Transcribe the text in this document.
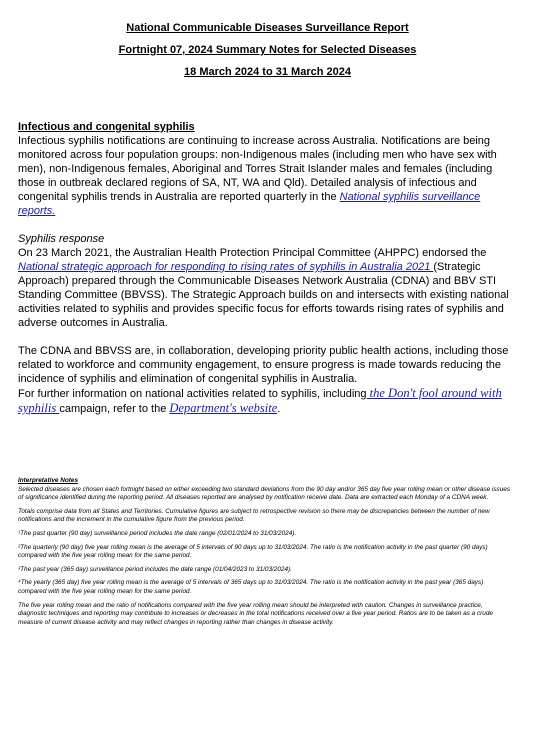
National Communicable Diseases Surveillance Report
Fortnight 07, 2024 Summary Notes for Selected Diseases
18 March 2024 to 31 March 2024
Infectious and congenital syphilis

Infectious syphilis notifications are continuing to increase across Australia. Notifications are being monitored across four population groups: non-Indigenous males (including men who have sex with men), non-Indigenous females, Aboriginal and Torres Strait Islander males and females (including those in outbreak declared regions of SA, NT, WA and Qld). Detailed analysis of infectious and congenital syphilis trends in Australia are reported quarterly in the National syphilis surveillance reports.

Syphilis response

On 23 March 2021, the Australian Health Protection Principal Committee (AHPPC) endorsed the National strategic approach for responding to rising rates of syphilis in Australia 2021 (Strategic Approach) prepared through the Communicable Diseases Network Australia (CDNA) and BBV STI Standing Committee (BBVSS). The Strategic Approach builds on and intersects with existing national activities related to syphilis and provides specific focus for efforts towards rising rates of syphilis and adverse outcomes in Australia.

The CDNA and BBVSS are, in collaboration, developing priority public health actions, including those related to workforce and community engagement, to ensure progress is made towards reducing the incidence of syphilis and elimination of congenital syphilis in Australia.

For further information on national activities related to syphilis, including the Don't fool around with syphilis campaign, refer to the Department's website.

Interpretative Notes

Selected diseases are chosen each fortnight based on either exceeding two standard deviations from the 90 day and/or 365 day five year rolling mean or other disease issues of significance identified during the reporting period. All diseases reported are analysed by notification receive date. Data are extracted each Monday of a CDNA week.

Totals comprise data from all States and Territories. Cumulative figures are subject to retrospective revision so there may be discrepancies between the number of new notifications and the increment in the cumulative figure from the previous period.

¹The past quarter (90 day) surveillance period includes the date range (02/01/2024 to 31/03/2024).

²The quarterly (90 day) five year rolling mean is the average of 5 intervals of 90 days up to 31/03/2024. The ratio is the notification activity in the past quarter (90 days) compared with the five year rolling mean for the same period.

³The past year (365 day) surveillance period includes the date range (01/04/2023 to 31/03/2024).

⁴The yearly (365 day) five year rolling mean is the average of 5 intervals of 365 days up to 31/03/2024. The ratio is the notification activity in the past year (365 days) compared with the five year rolling mean for the same period.

The five year rolling mean and the ratio of notifications compared with the five year rolling mean should be interpreted with caution. Changes in surveillance practice, diagnostic techniques and reporting may contribute to increases or decreases in the total notifications received over a five year period. Ratios are to be taken as a crude measure of current disease activity and may reflect changes in reporting rather than changes in disease activity.
